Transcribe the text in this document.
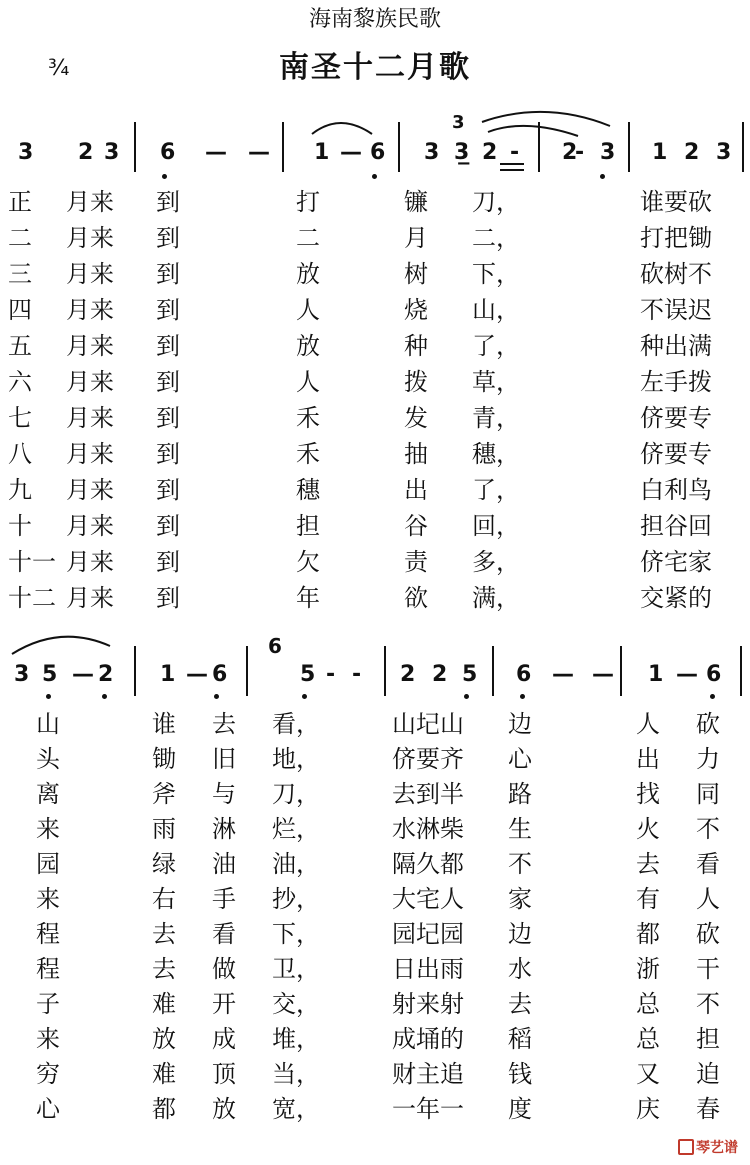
海南黎族民歌
南圣十二月歌
¾
3 2 3 6 — — 1 — 6 3 3̲̲ 2 - 2
- 3 1 2 3
3
正 月来 到	打	镰 刀，	谁要砍
二 月来 到	二	月 二，	打把锄
三 月来 到	放	树 下，	砍树不
四 月来 到	人	烧 山，	不误迟
五 月来 到	放	种 了，	种出满
六 月来 到	人	拨 草，	左手拨
七 月来 到	禾	发 青，	侪要专
八 月来 到	禾	抽 穗，	侪要专
九 月来 到	穗	出 了，	白利鸟
十 月来 到	担	谷 回，	担谷回
十一 月来 到	欠	责 多，	侪宅家
十二 月来 到	年	欲 满，	交紧的
3 5 — 2 1 — 6
6
5 - - 2 2 5 6 — — 1 — 6
山	谁 去 看，	山圮山 边	人 砍
头	锄 旧 地，	侪要齐 心	出 力
离	斧 与 刀，	去到半 路	找 同
来	雨 淋 烂，	水淋柴 生	火 不
园	绿 油 油，	隔久都 不	去 看
来	右 手 抄，	大宅人 家	有 人
程	去 看 下，	园圮园 边	都 砍
程	去 做 卫，	日出雨 水	浙 干
子	难 开 交，	射来射 去	总 不
来	放 成 堆，	成埇的 稻	总 担
穷	难 顶 当，	财主追 钱	又 迫
心	都 放 宽，	一年一 度	庆 春
琴艺谱
